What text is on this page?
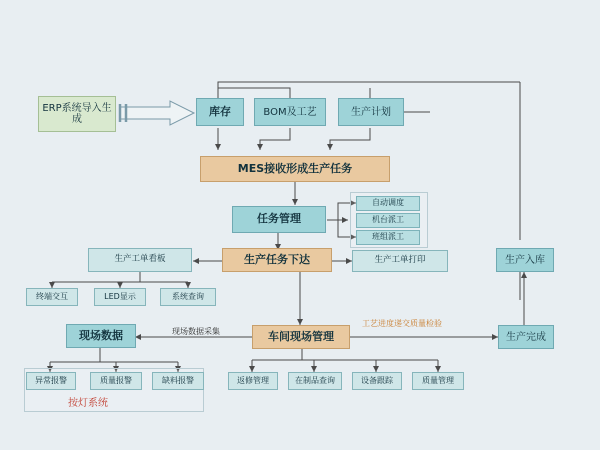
ERP系统导入生成
库存	BOM及工艺	生产计划
MES接收形成生产任务
任务管理
自动调度
机台派工
班组派工
生产工单看板	生产任务下达	生产工单打印
终端交互	LED显示	系统查询
现场数据	车间现场管理	生产完成
生产入库
异常报警	质量报警	缺料报警	返修管理	在制品查询	设备跟踪	质量管理
现场数据采集
工艺进度递交质量检验
按灯系统
